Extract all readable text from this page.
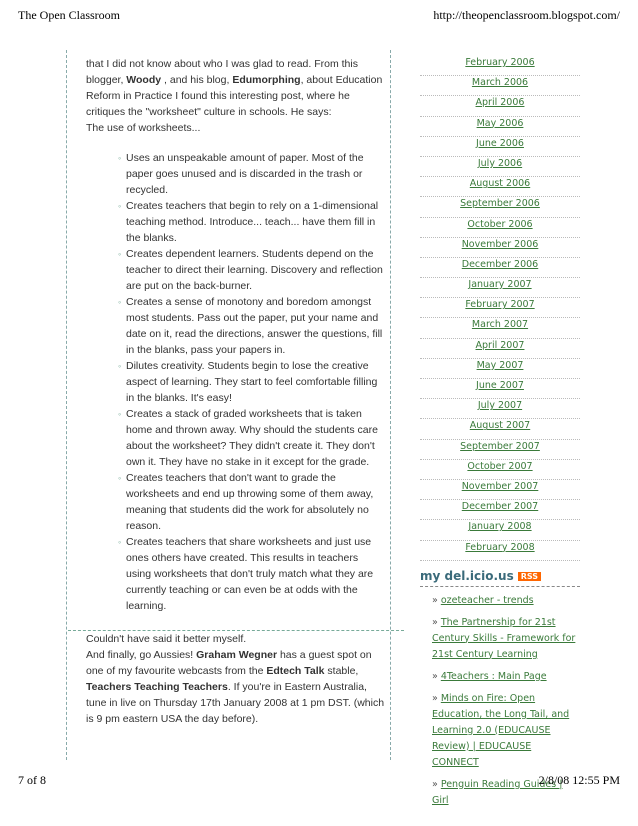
The Open Classroom	http://theopenclassroom.blogspot.com/

that I did not know about who I was glad to read. From this blogger, Woody , and his blog, Edumorphing, about Education Reform in Practice I found this interesting post, where he critiques the "worksheet" culture in schools. He says:

The use of worksheets...

◦ Uses an unspeakable amount of paper. Most of the paper goes unused and is discarded in the trash or recycled.
◦ Creates teachers that begin to rely on a 1-dimensional teaching method. Introduce... teach... have them fill in the blanks.
◦ Creates dependent learners. Students depend on the teacher to direct their learning. Discovery and reflection are put on the back-burner.
◦ Creates a sense of monotony and boredom amongst most students. Pass out the paper, put your name and date on it, read the directions, answer the questions, fill in the blanks, pass your papers in.
◦ Dilutes creativity. Students begin to lose the creative aspect of learning. They start to feel comfortable filling in the blanks. It's easy!
◦ Creates a stack of graded worksheets that is taken home and thrown away. Why should the students care about the worksheet? They didn't create it. They don't own it. They have no stake in it except for the grade.
◦ Creates teachers that don't want to grade the worksheets and end up throwing some of them away, meaning that students did the work for absolutely no reason.
◦ Creates teachers that share worksheets and just use ones others have created. This results in teachers using worksheets that don't truly match what they are currently teaching or can even be at odds with the learning.

Couldn't have said it better myself.

And finally, go Aussies! Graham Wegner has a guest spot on one of my favourite webcasts from the Edtech Talk stable, Teachers Teaching Teachers. If you're in Eastern Australia, tune in live on Thursday 17th January 2008 at 1 pm DST. (which is 9 pm eastern USA the day before).

February 2006
March 2006
April 2006
May 2006
June 2006
July 2006
August 2006
September 2006
October 2006
November 2006
December 2006
January 2007
February 2007
March 2007
April 2007
May 2007
June 2007
July 2007
August 2007
September 2007
October 2007
November 2007
December 2007
January 2008
February 2008
my del.icio.us RSS
» ozeteacher - trends
» The Partnership for 21st Century Skills - Framework for 21st Century Learning
» 4Teachers : Main Page
» Minds on Fire: Open Education, the Long Tail, and Learning 2.0 (EDUCAUSE Review) | EDUCAUSE CONNECT
» Penguin Reading Guides | Girl
7 of 8	2/8/08 12:55 PM
